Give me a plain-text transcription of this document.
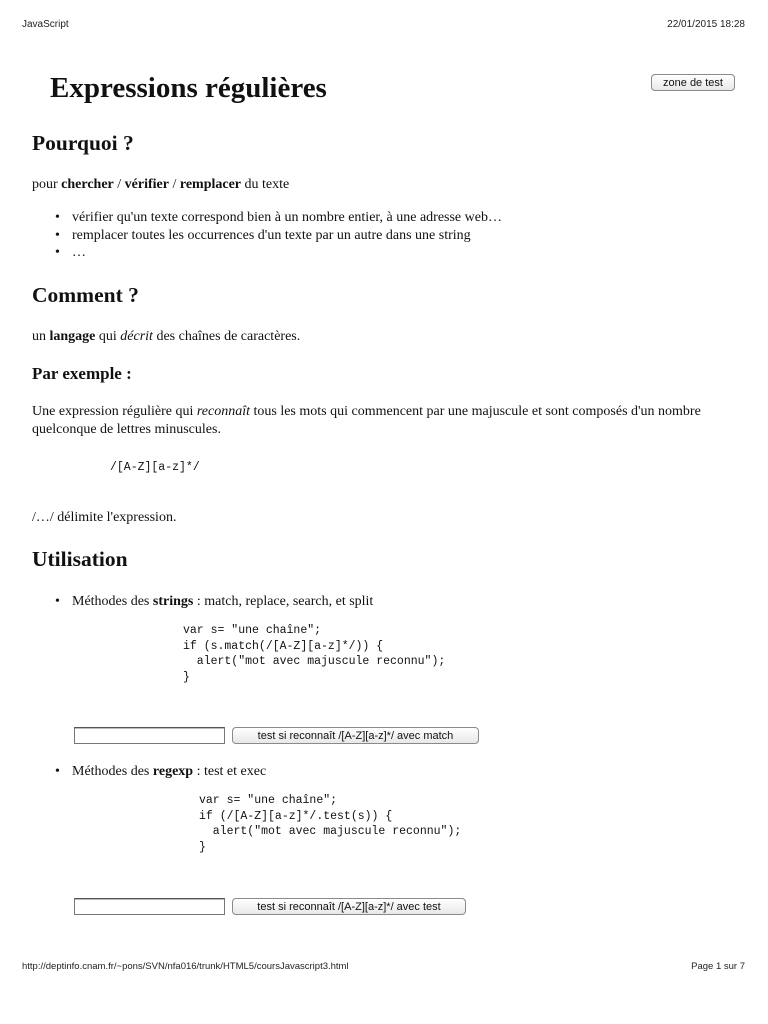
JavaScript	22/01/2015 18:28
zone de test
Expressions régulières
Pourquoi ?

pour chercher / vérifier / remplacer du texte

• vérifier qu'un texte correspond bien à un nombre entier, à une adresse web…
• remplacer toutes les occurrences d'un texte par un autre dans une string
• …
Comment ?

un langage qui décrit des chaînes de caractères.

Par exemple :

Une expression régulière qui reconnaît tous les mots qui commencent par une majuscule et sont composés d'un nombre quelconque de lettres minuscules.

/[A-Z][a-z]*/

/…/ délimite l'expression.

Utilisation
• Méthodes des strings : match, replace, search, et split
var s= "une chaîne";
if (s.match(/[A-Z][a-z]*/)) {
alert("mot avec majuscule reconnu");
}
test si reconnaît /[A-Z][a-z]*/ avec match
• Méthodes des regexp : test et exec
var s= "une chaîne";
if (/[A-Z][a-z]*/.test(s)) {
alert("mot avec majuscule reconnu");
}
test si reconnaît /[A-Z][a-z]*/ avec test
http://deptinfo.cnam.fr/~pons/SVN/nfa016/trunk/HTML5/coursJavascript3.html	Page 1 sur 7
